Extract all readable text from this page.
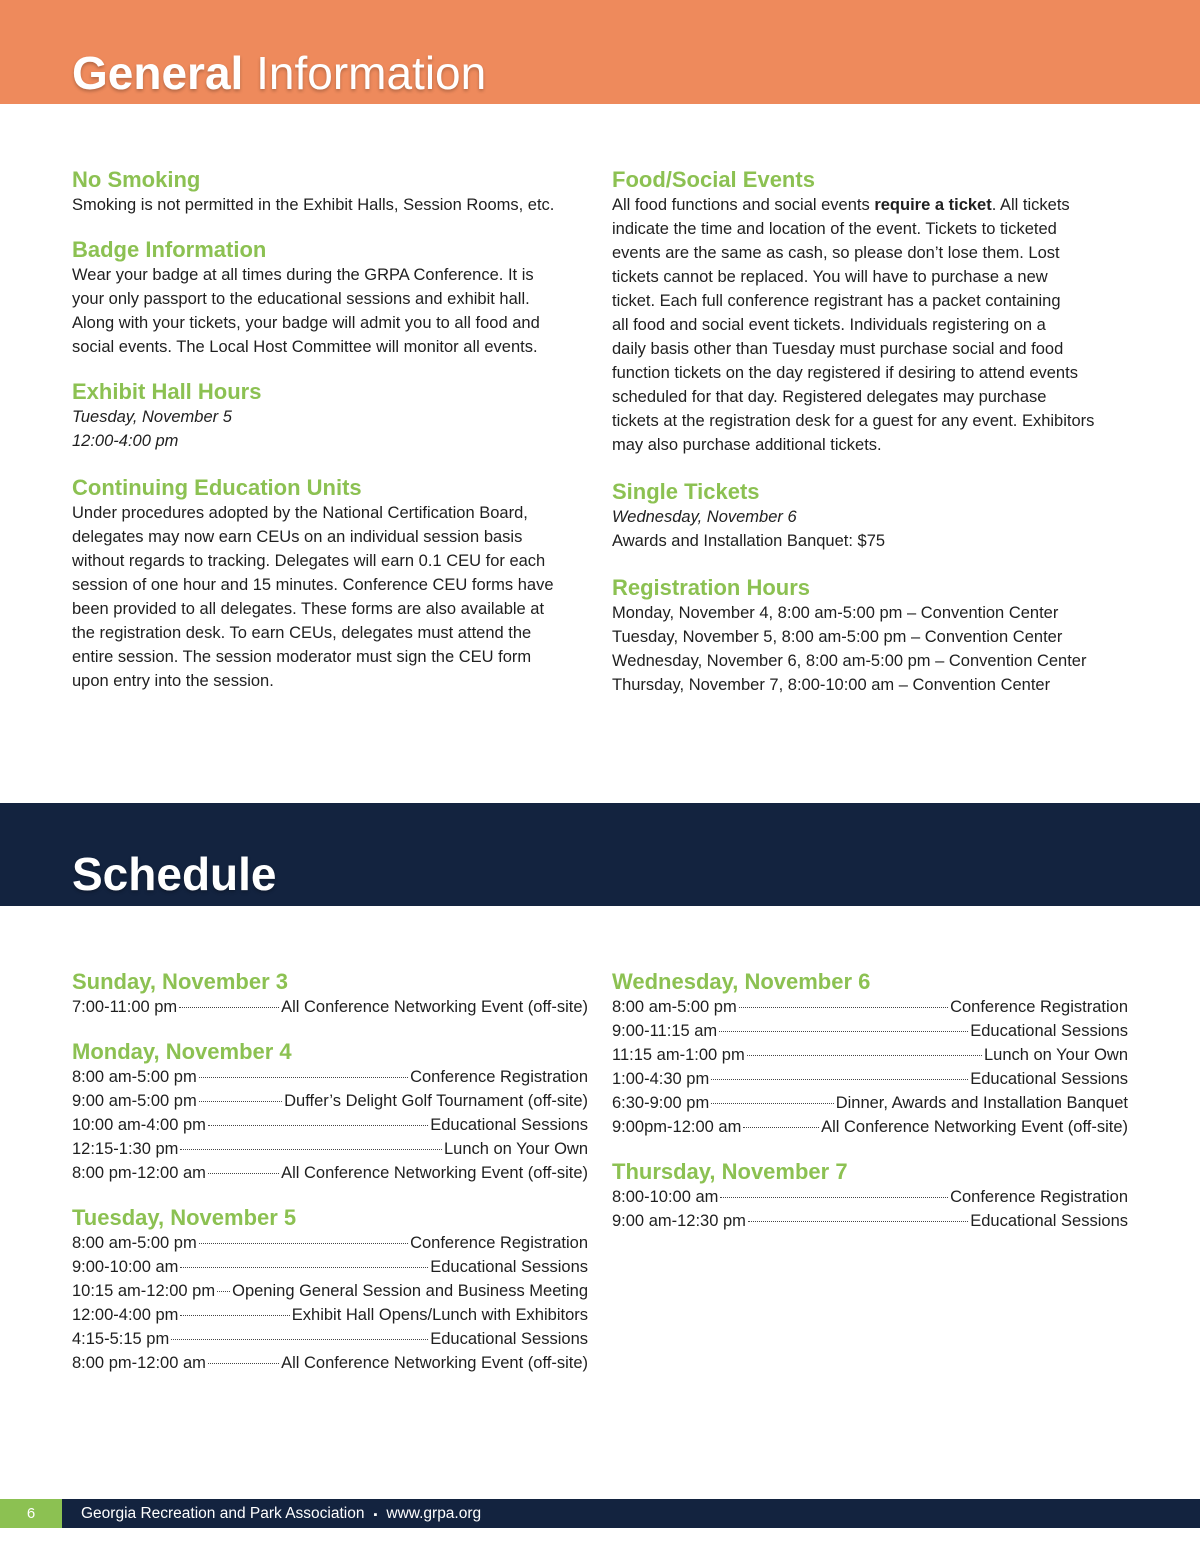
General Information
No Smoking

Smoking is not permitted in the Exhibit Halls, Session Rooms, etc.

Badge Information

Wear your badge at all times during the GRPA Conference. It is

your only passport to the educational sessions and exhibit hall.

Along with your tickets, your badge will admit you to all food and

social events. The Local Host Committee will monitor all events.

Exhibit Hall Hours

Tuesday, November 5

12:00-4:00 pm

Continuing Education Units

Under procedures adopted by the National Certification Board,

delegates may now earn CEUs on an individual session basis

without regards to tracking. Delegates will earn 0.1 CEU for each

session of one hour and 15 minutes. Conference CEU forms have

been provided to all delegates. These forms are also available at

the registration desk. To earn CEUs, delegates must attend the

entire session. The session moderator must sign the CEU form

upon entry into the session.

Food/Social Events

All food functions and social events require a ticket. All tickets

indicate the time and location of the event. Tickets to ticketed

events are the same as cash, so please don’t lose them. Lost

tickets cannot be replaced. You will have to purchase a new

ticket. Each full conference registrant has a packet containing

all food and social event tickets. Individuals registering on a

daily basis other than Tuesday must purchase social and food

function tickets on the day registered if desiring to attend events

scheduled for that day. Registered delegates may purchase

tickets at the registration desk for a guest for any event. Exhibitors

may also purchase additional tickets.

Single Tickets

Wednesday, November 6

Awards and Installation Banquet: $75

Registration Hours

Monday, November 4, 8:00 am-5:00 pm – Convention Center

Tuesday, November 5, 8:00 am-5:00 pm – Convention Center

Wednesday, November 6, 8:00 am-5:00 pm – Convention Center

Thursday, November 7, 8:00-10:00 am – Convention Center

Schedule
Sunday, November 3
7:00-11:00 pm	All Conference Networking Event (off-site)
Monday, November 4
8:00 am-5:00 pm	Conference Registration
9:00 am-5:00 pm	Duffer’s Delight Golf Tournament (off-site)
10:00 am-4:00 pm	Educational Sessions
12:15-1:30 pm	Lunch on Your Own
8:00 pm-12:00 am	All Conference Networking Event (off-site)
Tuesday, November 5
8:00 am-5:00 pm	Conference Registration
9:00-10:00 am	Educational Sessions
10:15 am-12:00 pm Opening General Session and Business Meeting
12:00-4:00 pm	Exhibit Hall Opens/Lunch with Exhibitors
4:15-5:15 pm	Educational Sessions
8:00 pm-12:00 am	All Conference Networking Event (off-site)
Wednesday, November 6
8:00 am-5:00 pm	Conference Registration
9:00-11:15 am	Educational Sessions
11:15 am-1:00 pm	Lunch on Your Own
1:00-4:30 pm	Educational Sessions
6:30-9:00 pm	Dinner, Awards and Installation Banquet
9:00pm-12:00 am	All Conference Networking Event (off-site)
Thursday, November 7
8:00-10:00 am	Conference Registration
9:00 am-12:30 pm	Educational Sessions
6	Georgia Recreation and Park Association ▪ www.grpa.org
